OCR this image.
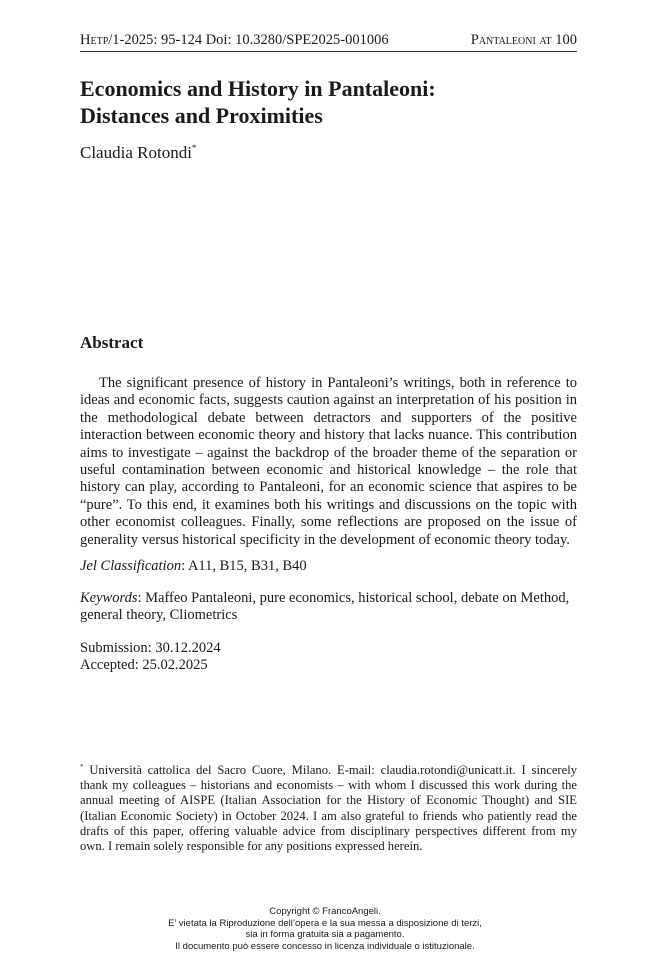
Hetp/1-2025: 95-124 Doi: 10.3280/SPE2025-001006	Pantaleoni at 100
Economics and History in Pantaleoni:
Distances and Proximities
Claudia Rotondi*
Abstract

The significant presence of history in Pantaleoni’s writings, both in reference to ideas and economic facts, suggests caution against an interpretation of his position in the methodological debate between detractors and supporters of the positive interaction between economic theory and history that lacks nuance. This contribution aims to investigate – against the backdrop of the broader theme of the separation or useful contamination between economic and historical knowledge – the role that history can play, according to Pantaleoni, for an economic science that aspires to be “pure”. To this end, it examines both his writings and discussions on the topic with other economist colleagues. Finally, some reflections are proposed on the issue of generality versus historical specificity in the development of economic theory today.

Jel Classification: A11, B15, B31, B40

Keywords: Maffeo Pantaleoni, pure economics, historical school, debate on Method, general theory, Cliometrics

Submission: 30.12.2024
Accepted: 25.02.2025

* Università cattolica del Sacro Cuore, Milano. E-mail: claudia.rotondi@unicatt.it. I sincerely thank my colleagues – historians and economists – with whom I discussed this work during the annual meeting of AISPE (Italian Association for the History of Economic Thought) and SIE (Italian Economic Society) in October 2024. I am also grateful to friends who patiently read the drafts of this paper, offering valuable advice from disciplinary perspectives different from my own. I remain solely responsible for any positions expressed herein.

Copyright © FrancoAngeli.
E’ vietata la Riproduzione dell’opera e la sua messa a disposizione di terzi,
sia in forma gratuita sia a pagamento.
Il documento può essere concesso in licenza individuale o istituzionale.
